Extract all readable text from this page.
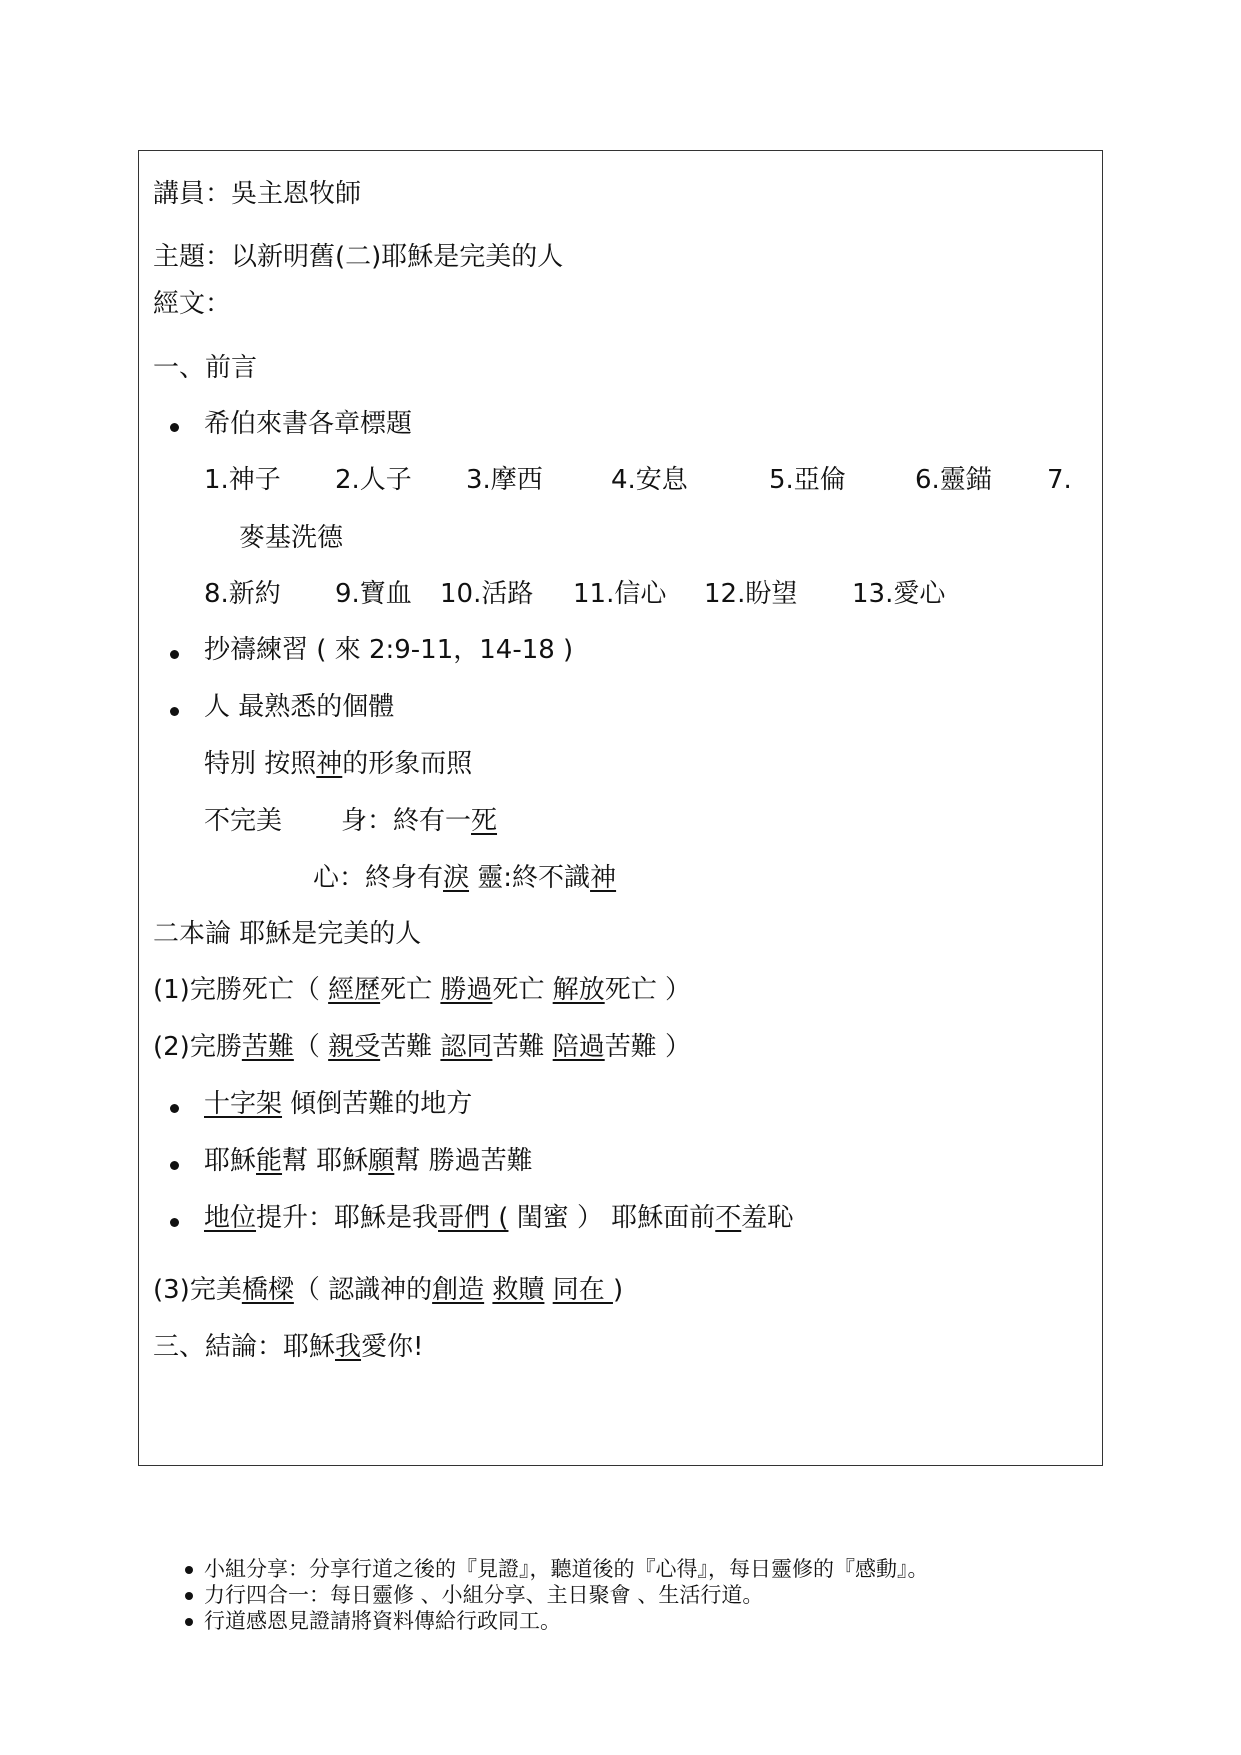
講員：吳主恩牧師
主題：以新明舊(二)耶穌是完美的人
經文：
一、前言
希伯來書各章標題
1.神子 2.人子 3.摩西	4.安息	5.亞倫	6.靈錨 7.
麥基洗德
8.新約 9.寶血 10.活路 11.信心 12.盼望 13.愛心
抄禱練習 ( 來 2:9-11，14-18 )
人 最熟悉的個體
特別 按照神的形象而照
不完美 身：終有一死
心：終身有淚 靈:終不識神
二本論 耶穌是完美的人
(1)完勝死亡（ 經歷死亡 勝過死亡 解放死亡 ）
(2)完勝苦難（ 親受苦難 認同苦難 陪過苦難 ）
十字架 傾倒苦難的地方
耶穌能幫 耶穌願幫 勝過苦難
地位提升：耶穌是我哥們 ( 閨蜜 ） 耶穌面前不羞恥
(3)完美橋樑（ 認識神的創造 救贖 同在 )
三、結論：耶穌我愛你!
小組分享：分享行道之後的『見證』，聽道後的『心得』，每日靈修的『感動』。
力行四合一：每日靈修 、小組分享、主日聚會 、生活行道。
行道感恩見證請將資料傳給行政同工。
